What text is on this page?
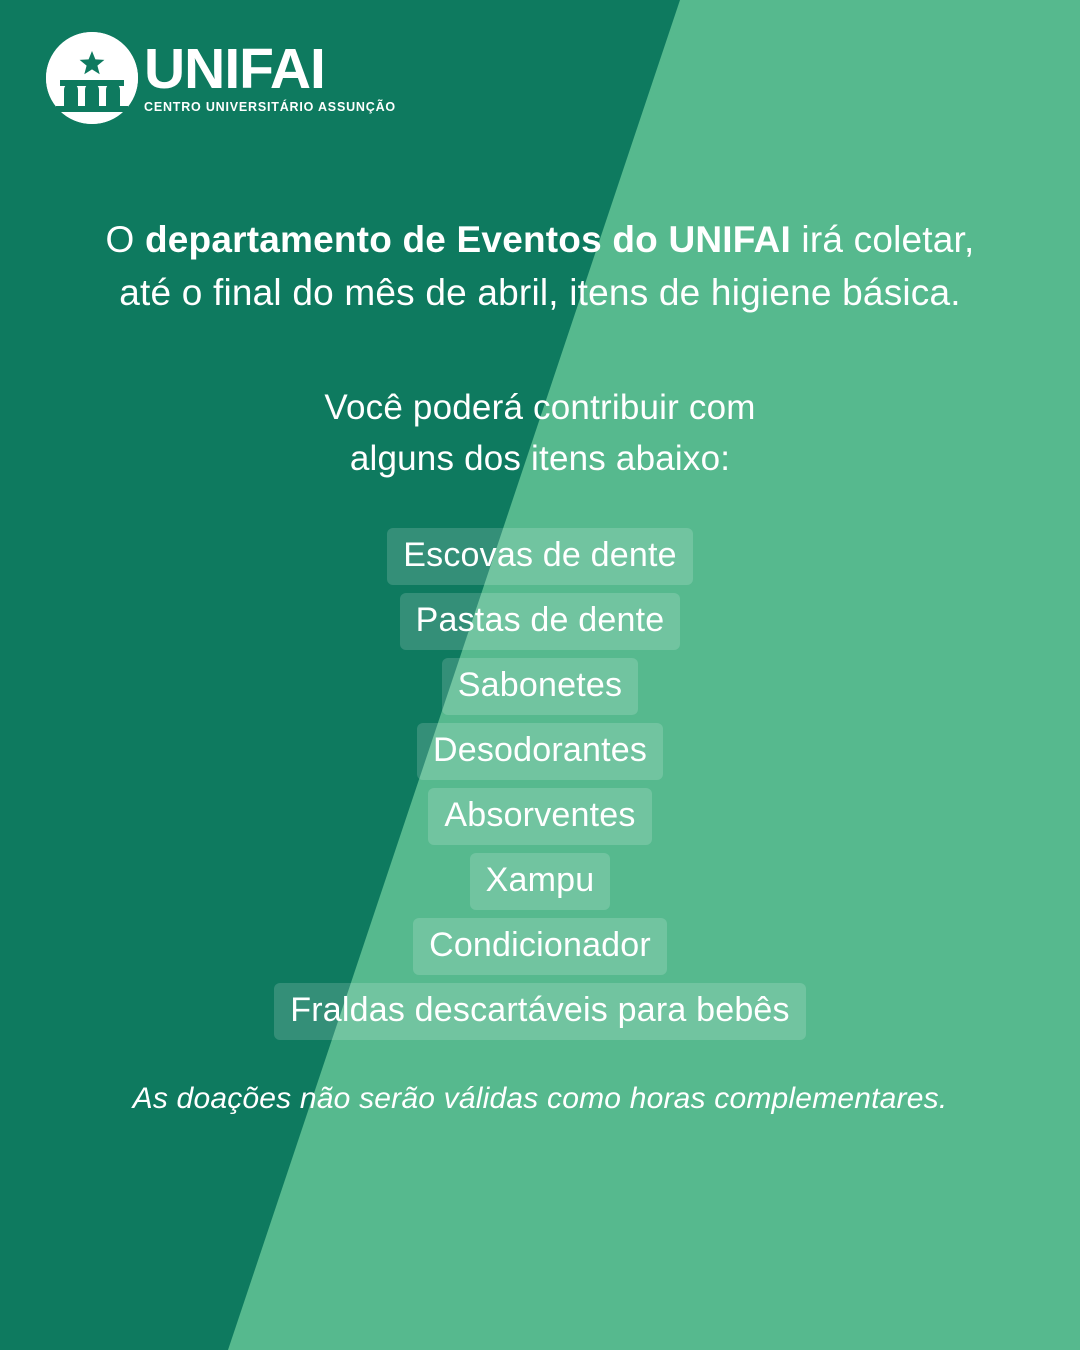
UNIFAI
CENTRO UNIVERSITÁRIO ASSUNÇÃO
O departamento de Eventos do UNIFAI irá coletar,
até o final do mês de abril, itens de higiene básica.
Você poderá contribuir com
alguns dos itens abaixo:
Escovas de dente
Pastas de dente
Sabonetes
Desodorantes
Absorventes
Xampu
Condicionador
Fraldas descartáveis para bebês
As doações não serão válidas como horas complementares.
